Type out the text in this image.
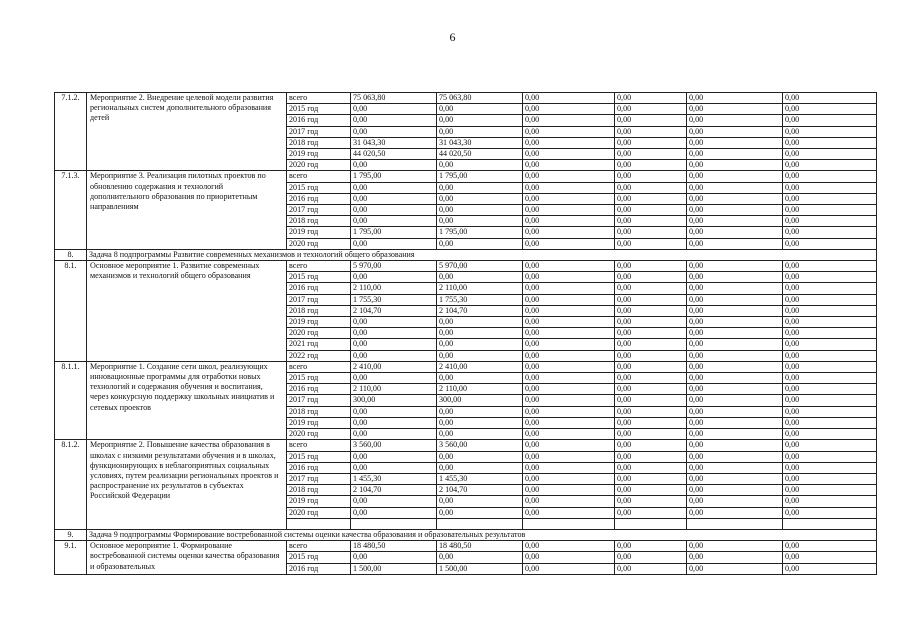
6
7.1.2.	Мероприятие 2. Внедрение целевой модели развития региональных систем дополнительного образования детей	всего	75 063,80	75 063,80	0,00	0,00	0,00	0,00
		2015 год	0,00	0,00	0,00	0,00	0,00	0,00
		2016 год	0,00	0,00	0,00	0,00	0,00	0,00
		2017 год	0,00	0,00	0,00	0,00	0,00	0,00
		2018 год	31 043,30	31 043,30	0,00	0,00	0,00	0,00
		2019 год	44 020,50	44 020,50	0,00	0,00	0,00	0,00
		2020 год	0,00	0,00	0,00	0,00	0,00	0,00
7.1.3.	Мероприятие 3. Реализация пилотных проектов по обновлению содержания и технологий дополнительного образования по приоритетным направлениям	всего	1 795,00	1 795,00	0,00	0,00	0,00	0,00
		2015 год	0,00	0,00	0,00	0,00	0,00	0,00
		2016 год	0,00	0,00	0,00	0,00	0,00	0,00
		2017 год	0,00	0,00	0,00	0,00	0,00	0,00
		2018 год	0,00	0,00	0,00	0,00	0,00	0,00
		2019 год	1 795,00	1 795,00	0,00	0,00	0,00	0,00
		2020 год	0,00	0,00	0,00	0,00	0,00	0,00
8.	Задача 8 подпрограммы Развитие современных механизмов и технологий общего образования							
8.1.	Основное мероприятие 1. Развитие современных механизмов и технологий общего образования	всего	5 970,00	5 970,00	0,00	0,00	0,00	0,00
		2015 год	0,00	0,00	0,00	0,00	0,00	0,00
		2016 год	2 110,00	2 110,00	0,00	0,00	0,00	0,00
		2017 год	1 755,30	1 755,30	0,00	0,00	0,00	0,00
		2018 год	2 104,70	2 104,70	0,00	0,00	0,00	0,00
		2019 год	0,00	0,00	0,00	0,00	0,00	0,00
		2020 год	0,00	0,00	0,00	0,00	0,00	0,00
		2021 год	0,00	0,00	0,00	0,00	0,00	0,00
		2022 год	0,00	0,00	0,00	0,00	0,00	0,00
8.1.1.	Мероприятие 1. Создание сети школ, реализующих инновационные программы для отработки новых технологий и содержания обучения и воспитания, через конкурсную поддержку школьных инициатив и сетевых проектов	всего	2 410,00	2 410,00	0,00	0,00	0,00	0,00
		2015 год	0,00	0,00	0,00	0,00	0,00	0,00
		2016 год	2 110,00	2 110,00	0,00	0,00	0,00	0,00
		2017 год	300,00	300,00	0,00	0,00	0,00	0,00
		2018 год	0,00	0,00	0,00	0,00	0,00	0,00
		2019 год	0,00	0,00	0,00	0,00	0,00	0,00
		2020 год	0,00	0,00	0,00	0,00	0,00	0,00
8.1.2.	Мероприятие 2. Повышение качества образования в школах с низкими результатами обучения и в школах, функционирующих в неблагоприятных социальных условиях, путем реализации региональных проектов и распространение их результатов в субъектах Российской Федерации	всего	3 560,00	3 560,00	0,00	0,00	0,00	0,00
		2015 год	0,00	0,00	0,00	0,00	0,00	0,00
		2016 год	0,00	0,00	0,00	0,00	0,00	0,00
		2017 год	1 455,30	1 455,30	0,00	0,00	0,00	0,00
		2018 год	2 104,70	2 104,70	0,00	0,00	0,00	0,00
		2019 год	0,00	0,00	0,00	0,00	0,00	0,00
		2020 год	0,00	0,00	0,00	0,00	0,00	0,00

9.	Задача 9 подпрограммы Формирование востребованной системы оценки качества образования и образовательных результатов							
9.1.	Основное мероприятие 1. Формирование востребованной системы оценки качества образования и образовательных	всего	18 480,50	18 480,50	0,00	0,00	0,00	0,00
		2015 год	0,00	0,00	0,00	0,00	0,00	0,00
		2016 год	1 500,00	1 500,00	0,00	0,00	0,00	0,00
